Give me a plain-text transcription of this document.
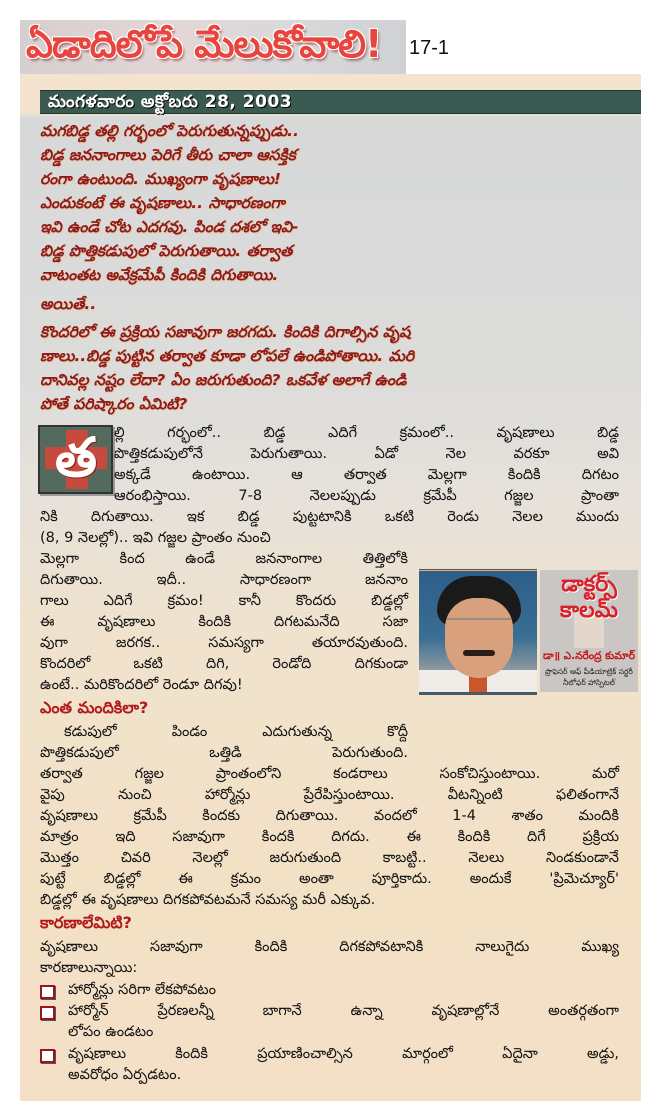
ఏడాదిలోపే మేలుకోవాలి! 17-1
మంగళవారం అక్టోబరు 28, 2003
మగబిడ్డ తల్లి గర్భంలో పెరుగుతున్నప్పుడు..
బిడ్డ జననాంగాలు పెరిగే తీరు చాలా ఆసక్తిక
రంగా ఉంటుంది. ముఖ్యంగా వృషణాలు!
ఎందుకంటే ఈ వృషణాలు.. సాధారణంగా
ఇవి ఉండే చోట ఎదగవు. పిండ దశలో ఇవి-
బిడ్డ పొత్తికడుపులో పెరుగుతాయి. తర్వాత
వాటంతట అవేక్రమేపీ కిందికి దిగుతాయి.
అయితే..
కొందరిలో ఈ ప్రక్రియ సజావుగా జరగదు. కిందికి దిగాల్సిన వృష
ణాలు..బిడ్డ పుట్టిన తర్వాత కూడా లోపలే ఉండిపోతాయి. మరి
దానివల్ల నష్టం లేదా? ఏం జరుగుతుంది? ఒకవేళ అలాగే ఉండి
పోతే పరిష్కారం ఏమిటి?
త	ల్లి గర్భంలో.. బిడ్డ ఎదిగే క్రమంలో.. వృషణాలు బిడ్డ
పొత్తికడుపులోనే పెరుగుతాయి. ఏడో నెల వరకూ అవి
అక్కడే ఉంటాయి. ఆ తర్వాత మెల్లగా కిందికి దిగటం
ఆరంభిస్తాయి. 7-8 నెలలప్పుడు క్రమేపీ గజ్జల ప్రాంతా
నికి దిగుతాయి. ఇక బిడ్డ పుట్టటానికి ఒకటి రెండు నెలల ముందు
(8, 9 నెలల్లో).. ఇవి గజ్జల ప్రాంతం నుంచి
మెల్లగా కింద ఉండే జననాంగాల తిత్తిలోకి
దిగుతాయి. ఇదీ.. సాధారణంగా జననాం
గాలు ఎదిగే క్రమం! కానీ కొందరు బిడ్డల్లో
ఈ వృషణాలు కిందికి దిగటమనేది సజా
వుగా జరగక.. సమస్యగా తయారవుతుంది.
కొందరిలో ఒకటి దిగి, రెండోది దిగకుండా
ఉంటే.. మరికొందరిలో రెండూ దిగవు!
డాక్టర్స్
కాలమ్
డా॥ ఎ.నరేంద్ర కుమార్
ప్రొఫెసర్ ఆఫ్ పీడియాట్రిక్ సర్జరీ
నీలోఫర్ హాస్పిటల్
ఎంత మందికిలా?
కడుపులో పిండం ఎదుగుతున్న కొద్దీ
పొత్తికడుపులో ఒత్తిడి పెరుగుతుంది.
తర్వాత గజ్జల ప్రాంతంలోని కండరాలు సంకోచిస్తుంటాయి. మరో
వైపు నుంచి హార్మోన్లు ప్రేరేపిస్తుంటాయి. వీటన్నింటి ఫలితంగానే
వృషణాలు క్రమేపీ కిందకు దిగుతాయి. వందలో 1-4 శాతం మందికి
మాత్రం ఇది సజావుగా కిందకి దిగదు. ఈ కిందికి దిగే ప్రక్రియ
మొత్తం చివరి నెలల్లో జరుగుతుంది కాబట్టి.. నెలలు నిండకుండానే
పుట్టే బిడ్డల్లో ఈ క్రమం అంతా పూర్తికాదు. అందుకే 'ప్రిమెచ్యూర్'
బిడ్డల్లో ఈ వృషణాలు దిగకపోవటమనే సమస్య మరీ ఎక్కువ.
కారణాలేమిటి?
వృషణాలు సజావుగా కిందికి దిగకపోవటానికి నాలుగైదు ముఖ్య
కారణాలున్నాయి:
హార్మోన్లు సరిగా లేకపోవటం
హార్మోన్ ప్రేరణలన్నీ బాగానే ఉన్నా వృషణాల్లోనే అంతర్గతంగా
లోపం ఉండటం
వృషణాలు కిందికి ప్రయాణించాల్సిన మార్గంలో ఏదైనా అడ్డు,
అవరోధం ఏర్పడటం.
